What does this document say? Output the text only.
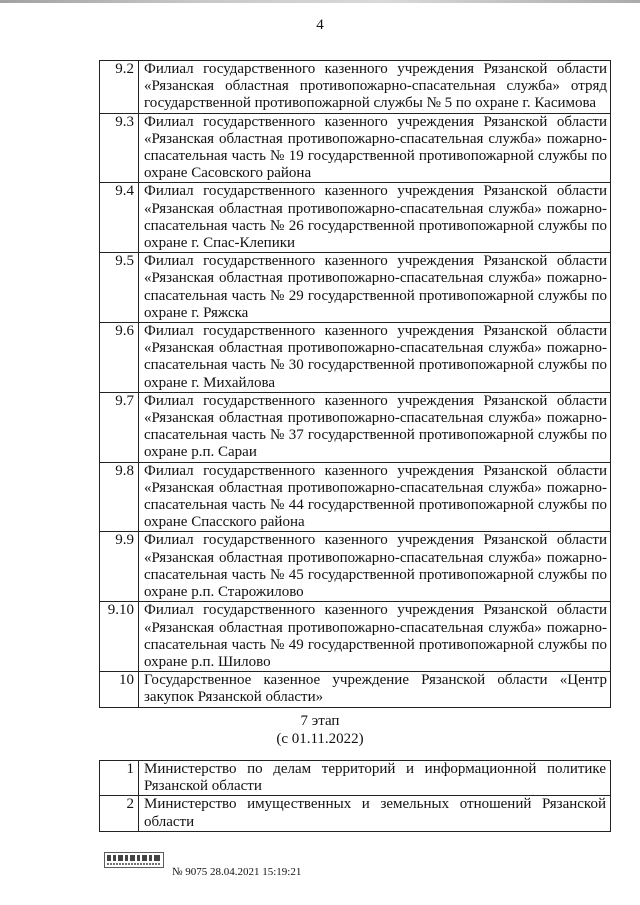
4
9.2	Филиал государственного казенного учреждения Рязанской области «Рязанская областная противопожарно-спасательная служба» отряд государственной противопожарной службы № 5 по охране г. Касимова
9.3	Филиал государственного казенного учреждения Рязанской области «Рязанская областная противопожарно-спасательная служба» пожарно-спасательная часть № 19 государственной противопожарной службы по охране Сасовского района
9.4	Филиал государственного казенного учреждения Рязанской области «Рязанская областная противопожарно-спасательная служба» пожарно-спасательная часть № 26 государственной противопожарной службы по охране г. Спас-Клепики
9.5	Филиал государственного казенного учреждения Рязанской области «Рязанская областная противопожарно-спасательная служба» пожарно-спасательная часть № 29 государственной противопожарной службы по охране г. Ряжска
9.6	Филиал государственного казенного учреждения Рязанской области «Рязанская областная противопожарно-спасательная служба» пожарно-спасательная часть № 30 государственной противопожарной службы по охране г. Михайлова
9.7	Филиал государственного казенного учреждения Рязанской области «Рязанская областная противопожарно-спасательная служба» пожарно-спасательная часть № 37 государственной противопожарной службы по охране р.п. Сараи
9.8	Филиал государственного казенного учреждения Рязанской области «Рязанская областная противопожарно-спасательная служба» пожарно-спасательная часть № 44 государственной противопожарной службы по охране Спасского района
9.9	Филиал государственного казенного учреждения Рязанской области «Рязанская областная противопожарно-спасательная служба» пожарно-спасательная часть № 45 государственной противопожарной службы по охране р.п. Старожилово
9.10	Филиал государственного казенного учреждения Рязанской области «Рязанская областная противопожарно-спасательная служба» пожарно-спасательная часть № 49 государственной противопожарной службы по охране р.п. Шилово
10	Государственное казенное учреждение Рязанской области «Центр закупок Рязанской области»
7 этап
(с 01.11.2022)
1	Министерство по делам территорий и информационной политике Рязанской области
2	Министерство имущественных и земельных отношений Рязанской области
№ 9075 28.04.2021 15:19:21
